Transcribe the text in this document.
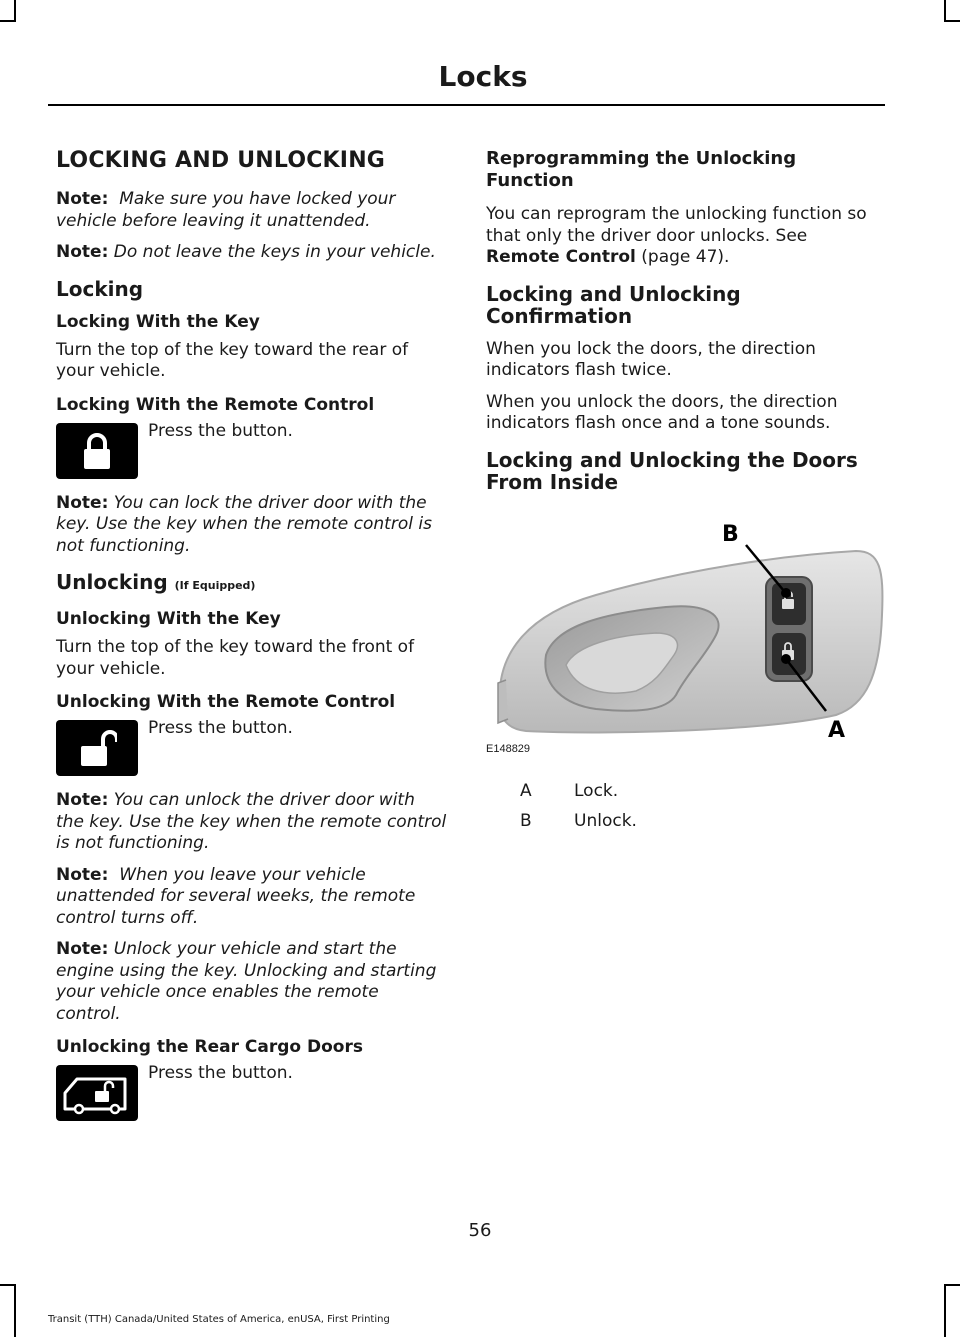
Locks
LOCKING AND UNLOCKING

Note: Make sure you have locked your vehicle before leaving it unattended.

Note: Do not leave the keys in your vehicle.

Locking
Locking With the Key

Turn the top of the key toward the rear of your vehicle.

Locking With the Remote Control

Press the button.

Note: You can lock the driver door with the key. Use the key when the remote control is not functioning.

Unlocking (If Equipped)
Unlocking With the Key

Turn the top of the key toward the front of your vehicle.

Unlocking With the Remote Control

Press the button.

Note: You can unlock the driver door with the key. Use the key when the remote control is not functioning.

Note: When you leave your vehicle unattended for several weeks, the remote control turns off.

Note: Unlock your vehicle and start the engine using the key. Unlocking and starting your vehicle once enables the remote control.

Unlocking the Rear Cargo Doors

Press the button.

Reprogramming the Unlocking Function

You can reprogram the unlocking function so that only the driver door unlocks. See Remote Control (page 47).

Locking and Unlocking Confirmation

When you lock the doors, the direction indicators flash twice.

When you unlock the doors, the direction indicators flash once and a tone sounds.

Locking and Unlocking the Doors From Inside
B
A
E148829
A	Lock.
B	Unlock.
56
Transit (TTH) Canada/United States of America, enUSA, First Printing
